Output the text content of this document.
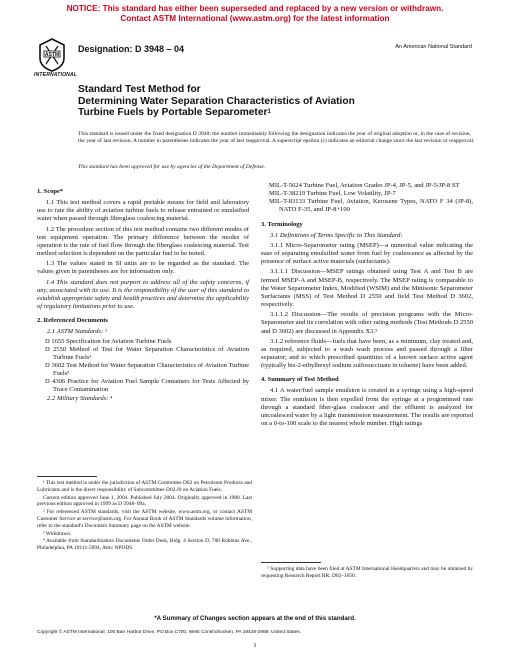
NOTICE: This standard has either been superseded and replaced by a new version or withdrawn.
Contact ASTM International (www.astm.org) for the latest information
ASTM
INTERNATIONAL
Designation: D 3948 – 04	An American National Standard
Standard Test Method for
Determining Water Separation Characteristics of Aviation
Turbine Fuels by Portable Separometer$^1$
This standard is issued under the fixed designation D 3948; the number immediately following the designation indicates the year of original adoption or, in the case of revision, the year of last revision. A number in parentheses indicates the year of last reapproval. A superscript epsilon (ε) indicates an editorial change since the last revision or reapproval.
This standard has been approved for use by agencies of the Department of Defense.

1. Scope*

1.1 This test method covers a rapid portable means for field and laboratory use to rate the ability of aviation turbine fuels to release entrained or emulsified water when passed through fiberglass coalescing material.

1.2 The procedure section of this test method contains two different modes of test equipment operation. The primary difference between the modes of operation is the rate of fuel flow through the fiberglass coalescing material. Test method selection is dependent on the particular fuel to be tested.

1.3 The values stated in SI units are to be regarded as the standard. The values given in parentheses are for information only.

1.4 This standard does not purport to address all of the safety concerns, if any, associated with its use. It is the responsibility of the user of this standard to establish appropriate safety and health practices and determine the applicability of regulatory limitations prior to use.

2. Referenced Documents

2.1 ASTM Standards: ²

D 1655 Specification for Aviation Turbine Fuels

D 2550 Method of Test for Water Separation Characteristics of Aviation Turbine Fuels³

D 3602 Test Method for Water Separation Characteristics of Aviation Turbine Fuels³

D 4306 Practice for Aviation Fuel Sample Containers for Tests Affected by Trace Contamination

2.2 Military Standards: ⁴

MIL-T-5624 Turbine Fuel, Aviation Grades JP-4, JP-5, and JP-5/JP-8 ST

MIL-T-38219 Turbine Fuel, Low Volatility, JP-7

MIL-T-83133 Turbine Fuel, Aviation, Kerosene Types, NATO F 34 (JP-8), NATO F-35, and JP-8+100

3. Terminology

3.1 Definitions of Terms Specific to This Standard:

3.1.1 Micro-Separometer rating (MSEP)—a numerical value indicating the ease of separating emulsified water from fuel by coalescence as affected by the presence of surface active materials (surfactants).

3.1.1.1 Discussion—MSEP ratings obtained using Test A and Test B are termed MSEP-A and MSEP-B, respectively. The MSEP rating is comparable to the Water Separometer Index, Modified (WSIM) and the Minisonic Separometer Surfactants (MSS) of Test Method D 2550 and field Test Method D 3602, respectively.

3.1.1.2 Discussion—The results of precision programs with the Micro-Separometer and its correlation with other rating methods (Test Methods D 2550 and D 3602) are discussed in Appendix X3.⁵

3.1.2 reference fluids—fuels that have been, as a minimum, clay treated and, as required, subjected to a wash wash process and passed through a filter separator; and to which prescribed quantities of a known surface active agent (typically bis-2-ethylhexyl sodium sulfosuccinate in toluene) have been added.

4. Summary of Test Method

4.1 A water/fuel sample emulsion is created in a syringe using a high-speed mixer. The emulsion is then expelled from the syringe at a programmed rate through a standard fiber-glass coalescer and the effluent is analyzed for uncoalesced water by a light transmission measurement. The results are reported on a 0-to-100 scale to the nearest whole number. High ratings

¹ This test method is under the jurisdiction of ASTM Committee D02 on Petroleum Products and Lubricants and is the direct responsibility of Subcommittee D02.J0 on Aviation Fuels.

Current edition approved June 1, 2004. Published July 2004. Originally approved in 1980. Last previous edition approved in 1999 as D 3948–99a.

² For referenced ASTM standards, visit the ASTM website, www.astm.org, or contact ASTM Customer Service at service@astm.org. For Annual Book of ASTM Standards volume information, refer to the standard's Document Summary page on the ASTM website.

³ Withdrawn.

⁴ Available from Standardization Documents Order Desk, Bldg. 4 Section D, 700 Robbins Ave., Philadelphia, PA 19111-5094, Attn: NPODS.

⁵ Supporting data have been filed at ASTM International Headquarters and may be obtained by requesting Research Report RR: D02–1050.

*A Summary of Changes section appears at the end of this standard.
Copyright © ASTM International, 100 Barr Harbor Drive, PO Box C700, West Conshohocken, PA 19428-2959, United States.
1
